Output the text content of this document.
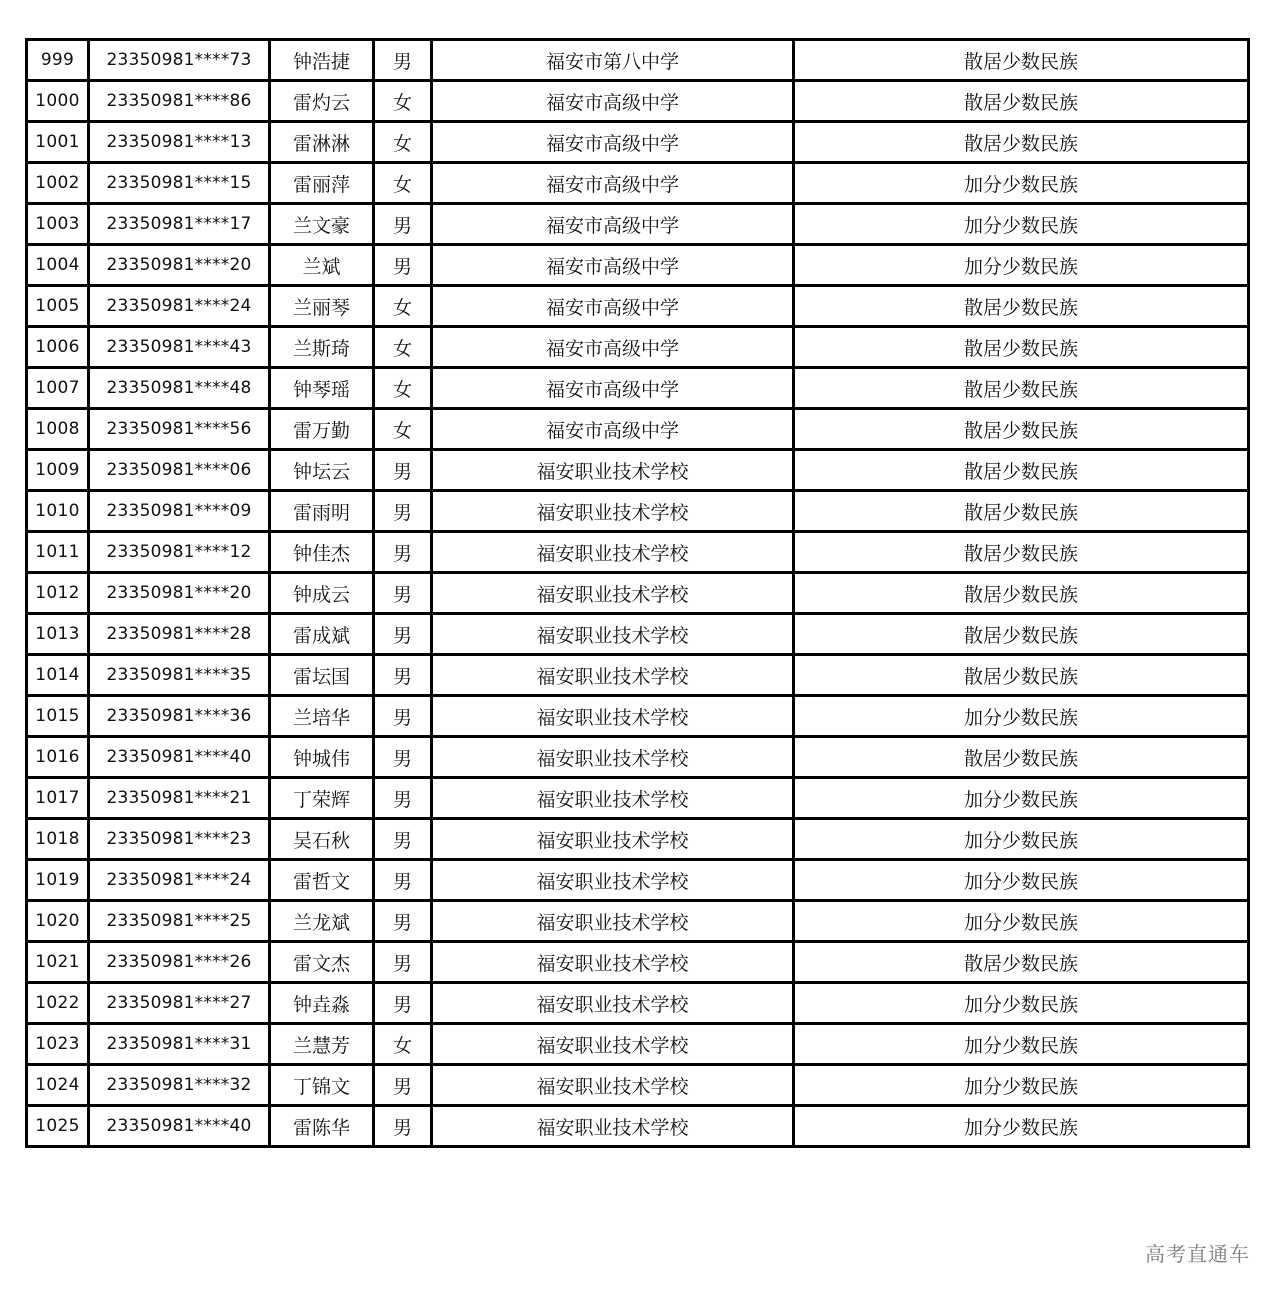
999	23350981****73	钟浩捷	男	福安市第八中学	散居少数民族
1000	23350981****86	雷灼云	女	福安市高级中学	散居少数民族
1001	23350981****13	雷淋淋	女	福安市高级中学	散居少数民族
1002	23350981****15	雷丽萍	女	福安市高级中学	加分少数民族
1003	23350981****17	兰文豪	男	福安市高级中学	加分少数民族
1004	23350981****20	兰斌	男	福安市高级中学	加分少数民族
1005	23350981****24	兰丽琴	女	福安市高级中学	散居少数民族
1006	23350981****43	兰斯琦	女	福安市高级中学	散居少数民族
1007	23350981****48	钟琴瑶	女	福安市高级中学	散居少数民族
1008	23350981****56	雷万勤	女	福安市高级中学	散居少数民族
1009	23350981****06	钟坛云	男	福安职业技术学校	散居少数民族
1010	23350981****09	雷雨明	男	福安职业技术学校	散居少数民族
1011	23350981****12	钟佳杰	男	福安职业技术学校	散居少数民族
1012	23350981****20	钟成云	男	福安职业技术学校	散居少数民族
1013	23350981****28	雷成斌	男	福安职业技术学校	散居少数民族
1014	23350981****35	雷坛国	男	福安职业技术学校	散居少数民族
1015	23350981****36	兰培华	男	福安职业技术学校	加分少数民族
1016	23350981****40	钟城伟	男	福安职业技术学校	散居少数民族
1017	23350981****21	丁荣辉	男	福安职业技术学校	加分少数民族
1018	23350981****23	吴石秋	男	福安职业技术学校	加分少数民族
1019	23350981****24	雷哲文	男	福安职业技术学校	加分少数民族
1020	23350981****25	兰龙斌	男	福安职业技术学校	加分少数民族
1021	23350981****26	雷文杰	男	福安职业技术学校	散居少数民族
1022	23350981****27	钟垚淼	男	福安职业技术学校	加分少数民族
1023	23350981****31	兰慧芳	女	福安职业技术学校	加分少数民族
1024	23350981****32	丁锦文	男	福安职业技术学校	加分少数民族
1025	23350981****40	雷陈华	男	福安职业技术学校	加分少数民族
高考直通车
